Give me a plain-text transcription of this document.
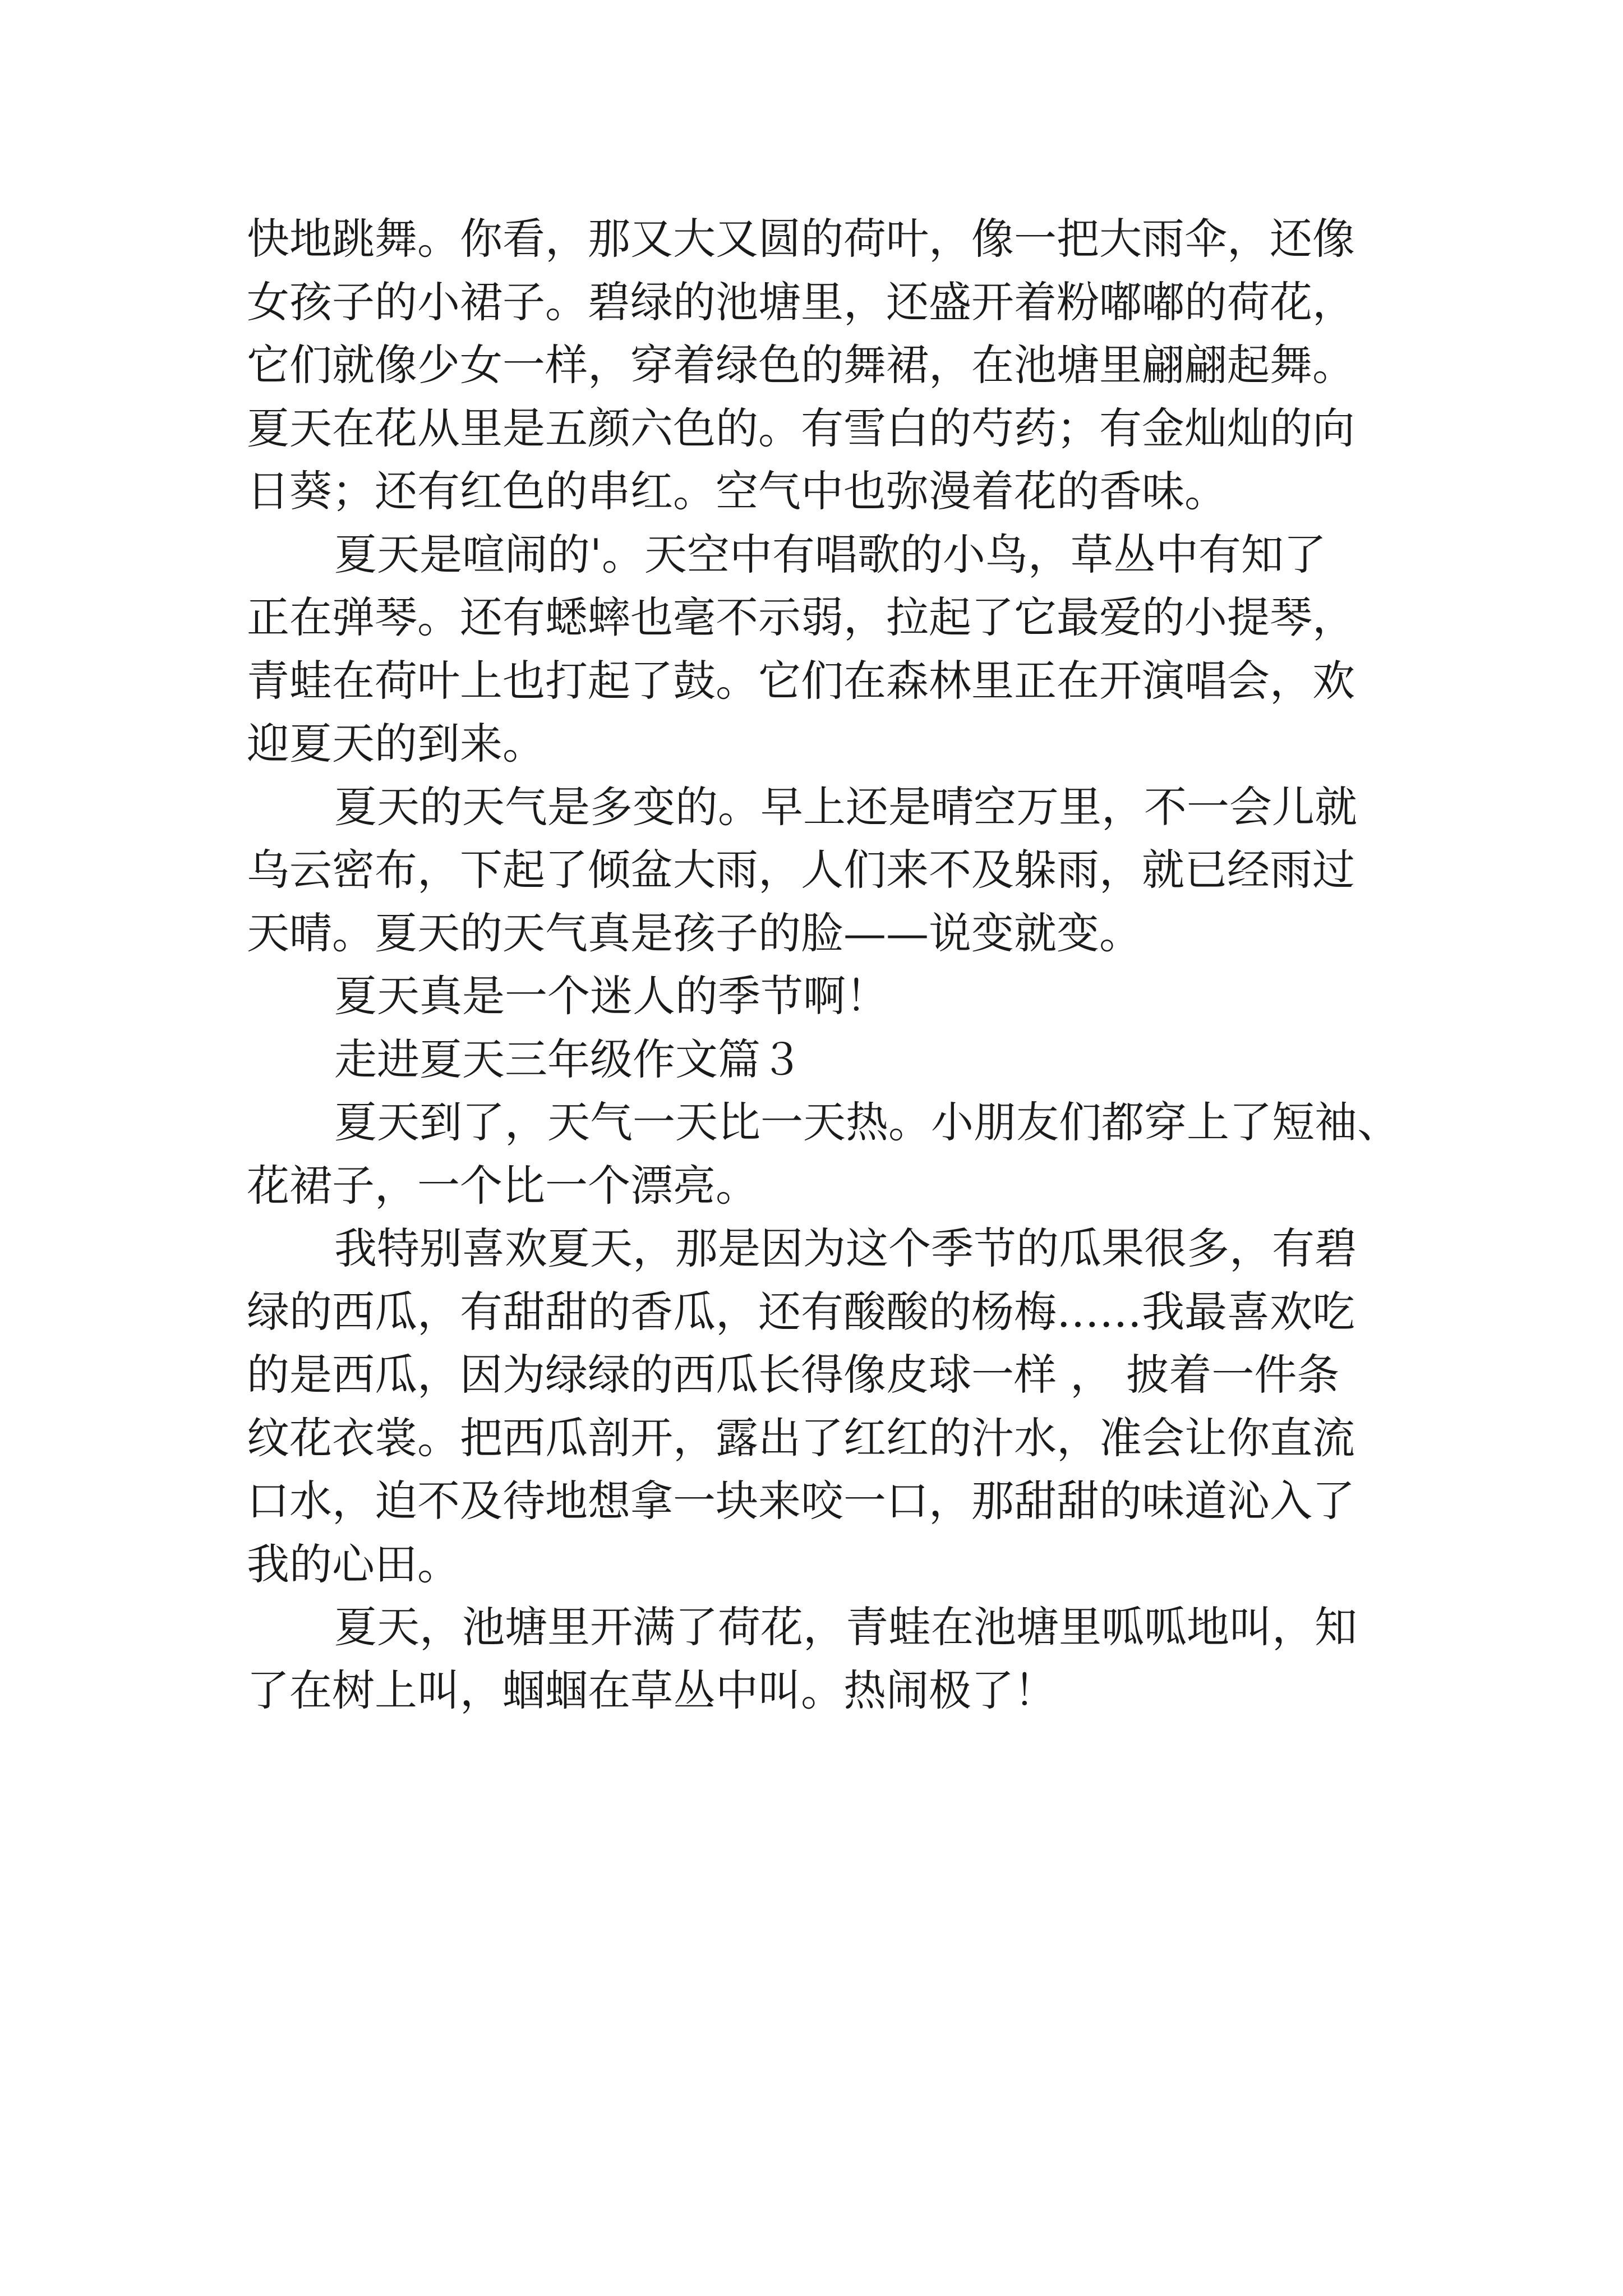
快地跳舞。你看，那又大又圆的荷叶，像一把大雨伞，还像
女孩子的小裙子。碧绿的池塘里，还盛开着粉嘟嘟的荷花，
它们就像少女一样，穿着绿色的舞裙，在池塘里翩翩起舞。
夏天在花从里是五颜六色的。有雪白的芍药；有金灿灿的向
日葵；还有红色的串红。空气中也弥漫着花的香味。
夏天是喧闹的'。天空中有唱歌的小鸟，草丛中有知了
正在弹琴。还有蟋蟀也毫不示弱，拉起了它最爱的小提琴，
青蛙在荷叶上也打起了鼓。它们在森林里正在开演唱会，欢
迎夏天的到来。
夏天的天气是多变的。早上还是晴空万里，不一会儿就
乌云密布，下起了倾盆大雨，人们来不及躲雨，就已经雨过
天晴。夏天的天气真是孩子的脸——说变就变。
夏天真是一个迷人的季节啊！
走进夏天三年级作文篇３
夏天到了，天气一天比一天热。小朋友们都穿上了短袖、
花裙子，一个比一个漂亮。
我特别喜欢夏天，那是因为这个季节的瓜果很多，有碧
绿的西瓜，有甜甜的香瓜，还有酸酸的杨梅……我最喜欢吃
的是西瓜，因为绿绿的西瓜长得像皮球一样 ， 披着一件条
纹花衣裳。把西瓜剖开，露出了红红的汁水，准会让你直流
口水，迫不及待地想拿一块来咬一口，那甜甜的味道沁入了
我的心田。
夏天，池塘里开满了荷花，青蛙在池塘里呱呱地叫，知
了在树上叫，蝈蝈在草丛中叫。热闹极了！
